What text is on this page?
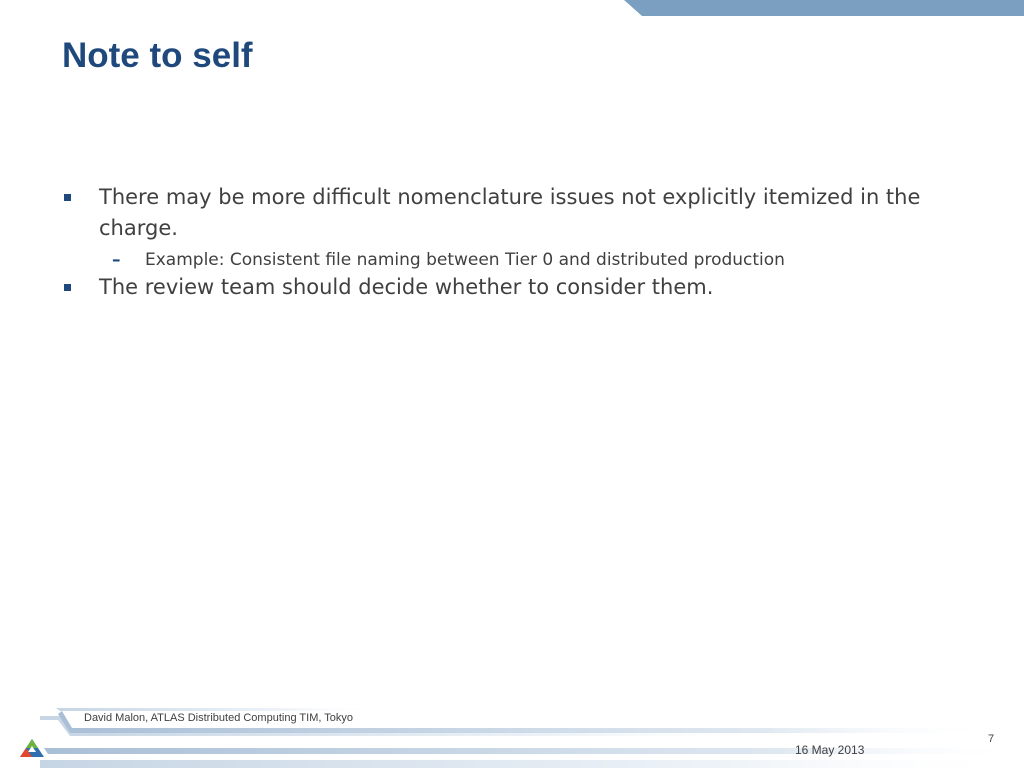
Note to self
There may be more difficult nomenclature issues not explicitly itemized in the charge.
– Example: Consistent file naming between Tier 0 and distributed production
The review team should decide whether to consider them.
David Malon, ATLAS Distributed Computing TIM, Tokyo
16 May 2013
7
